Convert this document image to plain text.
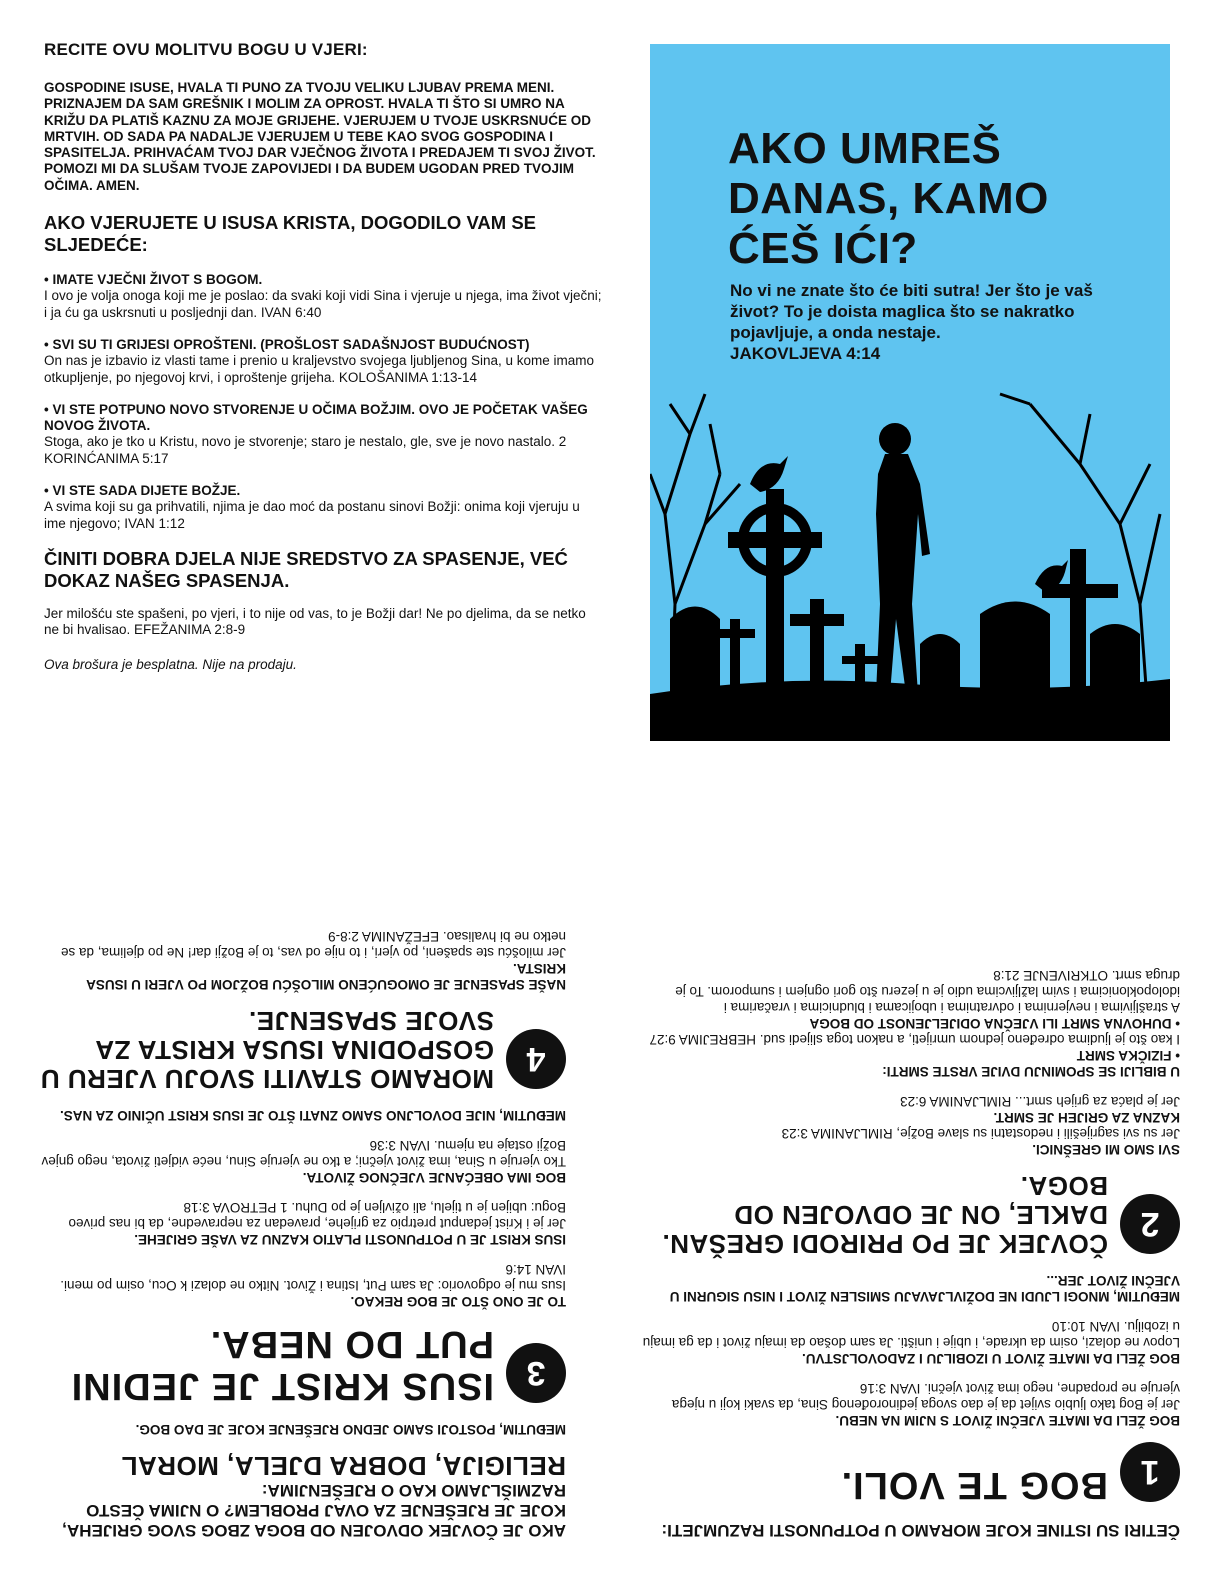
RECITE OVU MOLITVU BOGU U VJERI:

GOSPODINE ISUSE, HVALA TI PUNO ZA TVOJU VELIKU LJUBAV PREMA MENI. PRIZNAJEM DA SAM GREŠNIK I MOLIM ZA OPROST. HVALA TI ŠTO SI UMRO NA KRIŽU DA PLATIŠ KAZNU ZA MOJE GRIJEHE. VJERUJEM U TVOJE USKRSNUĆE OD MRTVIH. OD SADA PA NADALJE VJERUJEM U TEBE KAO SVOG GOSPODINA I SPASITELJA. PRIHVAĆAM TVOJ DAR VJEČNOG ŽIVOTA I PREDAJEM TI SVOJ ŽIVOT. POMOZI MI DA SLUŠAM TVOJE ZAPOVIJEDI I DA BUDEM UGODAN PRED TVOJIM OČIMA. AMEN.

AKO VJERUJETE U ISUSA KRISTA, DOGODILO VAM SE SLJEDEĆE:
• IMATE VJEČNI ŽIVOT S BOGOM.
I ovo je volja onoga koji me je poslao: da svaki koji vidi Sina i vjeruje u njega, ima život vječni; i ja ću ga uskrsnuti u posljednji dan. IVAN 6:40
• SVI SU TI GRIJESI OPROŠTENI. (PROŠLOST SADAŠNJOST BUDUĆNOST)
On nas je izbavio iz vlasti tame i prenio u kraljevstvo svojega ljubljenog Sina, u kome imamo otkupljenje, po njegovoj krvi, i oproštenje grijeha. KOLOŠANIMA 1:13-14
• VI STE POTPUNO NOVO STVORENJE U OČIMA BOŽJIM. OVO JE POČETAK VAŠEG NOVOG ŽIVOTA.
Stoga, ako je tko u Kristu, novo je stvorenje; staro je nestalo, gle, sve je novo nastalo. 2 KORINĆANIMA 5:17
• VI STE SADA DIJETE BOŽJE.
A svima koji su ga prihvatili, njima je dao moć da postanu sinovi Božji: onima koji vjeruju u ime njegovo; IVAN 1:12
ČINITI DOBRA DJELA NIJE SREDSTVO ZA SPASENJE, VEĆ DOKAZ NAŠEG SPASENJA.
Jer milošću ste spašeni, po vjeri, i to nije od vas, to je Božji dar! Ne po djelima, da se netko ne bi hvalisao. EFEŽANIMA 2:8-9
Ova brošura je besplatna. Nije na prodaju.
AKO UMREŠ DANAS, KAMO ĆEŠ IĆI?
No vi ne znate što će biti sutra! Jer što je vaš život? To je doista maglica što se nakratko pojavljuje, a onda nestaje.
JAKOVLJEVA 4:14
ČETIRI SU ISTINE KOJE MORAMO U POTPUNOSTI RAZUMJETI:
1
BOG TE VOLI.
BOG ŽELI DA IMATE VJEČNI ŽIVOT S NJIM NA NEBU.
Jer je Bog tako ljubio svijet da je dao svoga jedinorođenog Sina, da svaki koji u njega vjeruje ne propadne, nego ima život vječni. IVAN 3:16
BOG ŽELI DA IMATE ŽIVOT U IZOBILJU I ZADOVOLJSTVU.
Lopov ne dolazi, osim da ukrade, i ubije i uništi. Ja sam došao da imaju život i da ga imaju u izobilju. IVAN 10:10
MEĐUTIM, MNOGI LJUDI NE DOŽIVLJAVAJU SMISLEN ŽIVOT I NISU SIGURNI U VJEČNI ŽIVOT JER...
2
ČOVJEK JE PO PRIRODI GREŠAN. DAKLE, ON JE ODVOJEN OD BOGA.
SVI SMO MI GREŠNICI.
Jer su svi sagriješili i nedostatni su slave Božje, RIMLJANIMA 3:23
KAZNA ZA GRIJEH JE SMRT.
Jer je plaća za grijeh smrt... RIMLJANIMA 6:23
U BIBLIJI SE SPOMINJU DVIJE VRSTE SMRTI:
• FIZIČKA SMRT
I kao što je ljudima određeno jednom umrijeti, a nakon toga slijedi sud. HEBREJIMA 9:27
• DUHOVNA SMRT ILI VJEČNA ODIJELJENOST OD BOGA
A strašljivima i nevjernima i odvratnima i ubojicama i bludnicima i vračarima i idolopoklonicima i svim lažljivcima udio je u jezeru što gori ognjem i sumporom. To je druga smrt. OTKRIVENJE 21:8
AKO JE ČOVJEK ODVOJEN OD BOGA ZBOG SVOG GRIJEHA, KOJE JE RJEŠENJE ZA OVAJ PROBLEM? O NJIMA ČESTO RAZMIŠLJAMO KAO O RJEŠENJIMA:
RELIGIJA, DOBRA DJELA, MORAL
MEĐUTIM, POSTOJI SAMO JEDNO RJEŠENJE KOJE JE DAO BOG.
3
ISUS KRIST JE JEDINI PUT DO NEBA.
TO JE ONO ŠTO JE BOG REKAO.
Isus mu je odgovorio: Ja sam Put, Istina i Život. Nitko ne dolazi k Ocu, osim po meni. IVAN 14:6
ISUS KRIST JE U POTPUNOSTI PLATIO KAZNU ZA VAŠE GRIJEHE.
Jer je i Krist jedanput pretrpio za grijehe, pravedan za nepravedne, da bi nas priveo Bogu: ubijen je u tijelu, ali oživljen je po Duhu. 1 PETROVA 3:18
BOG IMA OBEĆANJE VJEČNOG ŽIVOTA.
Tko vjeruje u Sina, ima život vječni; a tko ne vjeruje Sinu, neće vidjeti života, nego gnjev Božji ostaje na njemu. IVAN 3:36
MEĐUTIM, NIJE DOVOLJNO SAMO ZNATI ŠTO JE ISUS KRIST UČINIO ZA NAS.
4
MORAMO STAVITI SVOJU VJERU U GOSPODINA ISUSA KRISTA ZA SVOJE SPASENJE.
NAŠE SPASENJE JE OMOGUĆENO MILOŠĆU BOŽJOM PO VJERI U ISUSA KRISTA.
Jer milošću ste spašeni, po vjeri, i to nije od vas, to je Božji dar! Ne po djelima, da se netko ne bi hvalisao. EFEŽANIMA 2:8-9
